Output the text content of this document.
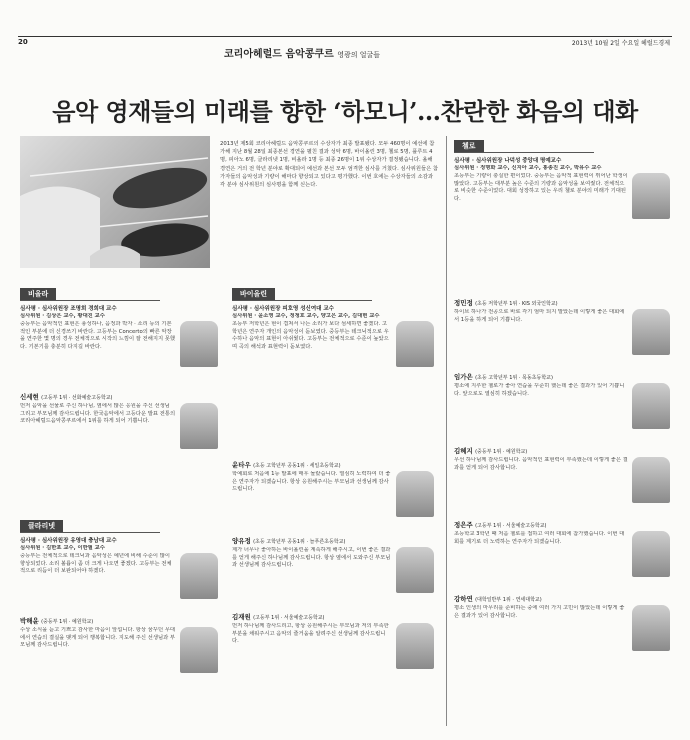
20	2013년 10월 2일 수요일 헤럴드경제
코리아헤럴드 음악콩쿠르 영광의 얼굴들
음악 영재들의 미래를 향한 ‘하모니’…찬란한 화음의 대화
2013년 제5회 코리아헤럴드 음악콩쿠르의 수상자가 최종 발표됐다. 모두 460명이 예선에 참가해 지난 8월 28일 최종본선 경연을 펼친 결과 성악 6명, 바이올린 3명, 첼로 5명, 플루트 4명, 피아노 6명, 클라리넷 1명, 비올라 1명 등 최종 26명이 1위 수상자가 결정됐습니다. 올해 경연은 거의 전 학년 분야로 확대되어 예선과 본선 모두 엄격한 심사를 거쳤다. 심사위원들은 참가자들의 음악성과 기량이 해마다 향상되고 있다고 평가했다. 이번 호에는 수상자들의 소감과 각 분야 심사위원의 심사평을 함께 싣는다.
비올라
심사평 · 심사위원장 조명희 경희대 교수
심사위원 · 김상은 교수, 황대진 교수
중등부는 음악적인 표현은 풍성하나, 음정과 박자 · 소리 등의 기본적인 부분에 더 신경쓰기 바란다. 고등부는 Concerto의 빠른 악장을 연주한 몇 명의 경우 전체적으로 시작의 느낌이 잘 전해지지 못했다. 기본기를 충분히 다지길 바란다.
신세현 (고등부 1위 · 선화예술고등학교)
먼저 음악을 선물로 주신 하나님, 옆에서 많은 응원을 주신 선생님 그리고 부모님께 감사드립니다. 한국음악에서 고등다운 발표 전통의 코리아헤럴드음악콩쿠르에서 1위를 하게 되어 기쁩니다.
클라리넷
심사평 · 심사위원장 유영대 충남대 교수
심사위원 · 김한포 교수, 이한필 교수
중등부는 전체적으로 테크닉과 음악성은 예년에 비해 수준이 많이 향상되었다. 소리 볼륨이 좀 더 크게 나오면 좋겠다. 고등부는 전체적으로 리듬이 더 보완되어야 하겠다.
박해윤 (중등부 1위 · 예원학교)
수상 소식을 듣고 기쁘고 감사한 마음이 앞섭니다. 항상 꿈꾸던 무대에서 연습의 결실을 맺게 되어 행복합니다. 지도해 주신 선생님과 부모님께 감사드립니다.
바이올린
심사평 · 심사위원장 피호영 성신여대 교수
심사위원 · 윤소영 교수, 정청호 교수, 양고은 교수, 김대현 교수
초등부 저학년은 현이 겹쳐서 나는 소리가 보다 섬세하면 좋겠다. 고학년은 연주자 개인의 음악성이 돋보였다. 중등부는 테크닉적으로 우수하나 음악의 표현이 아쉬웠다. 고등부는 전체적으로 수준이 높았으며 곡의 해석과 표현력이 돋보였다.
윤타우 (초등 고학년부 공동1위 · 세일초등학교)
학예회로 처음에 1등 발표에 매우 놀랐습니다. 열심히 노력하여 더 좋은 연주자가 되겠습니다. 항상 응원해주시는 부모님과 선생님께 감사드립니다.
양유정 (초등 고학년부 공동1위 · 늘푸른초등학교)
제가 너무나 좋아하는 바이올린을 계속하게 해주시고, 이번 좋은 결과를 얻게 해주신 하나님께 감사드립니다. 항상 옆에서 도와주신 부모님과 선생님께 감사드립니다.
김재원 (고등부 1위 · 서울예술고등학교)
먼저 하나님께 감사드리고, 항상 응원해주시는 부모님과 저의 부족한 부분을 채워주시고 음악의 즐거움을 알려주신 선생님께 감사드립니다.
첼로
심사평 · 심사위원장 나덕성 중앙대 명예교수
심사위원 · 정명화 교수, 신지아 교수, 홍종진 교수, 박유수 교수
초등부는 기량이 충실한 편이었다. 중등부는 음악적 표현력이 뛰어난 학생이 많았다. 고등부는 대부분 높은 수준의 기량과 음악성을 보여줬다. 전체적으로 비슷한 수준이었다. 대회 성장하고 있는 우리 첼로 분야의 미래가 기대된다.
정민정 (초등 저학년부 1위 · KIS 외국인학교)
하이브 하나가 전공으로 바로 각기 엄마 되지 말았는데 이렇게 좋은 대회에서 1등을 하게 되어 기쁩니다.
임가은 (초등 고학년부 1위 · 목동초등학교)
평소에 지루한 첼로가 좋아 연습을 꾸준히 했는데 좋은 결과가 있어 기쁩니다. 앞으로도 열심히 하겠습니다.
김혜지 (중등부 1위 · 예원학교)
우선 하나님께 감사드립니다. 음악적인 표현력이 부족했는데 이렇게 좋은 결과를 얻게 되어 감사합니다.
정은주 (고등부 1위 · 서울예술고등학교)
초등학교 3학년 때 처음 첼로를 접하고 여러 대회에 참가했습니다. 이번 대회를 계기로 더 노력하는 연주자가 되겠습니다.
강하연 (대학일반부 1위 · 연세대학교)
평소 인생의 마무리를 준비하는 중에 여러 가지 고민이 많았는데 이렇게 좋은 결과가 있어 감사합니다.
